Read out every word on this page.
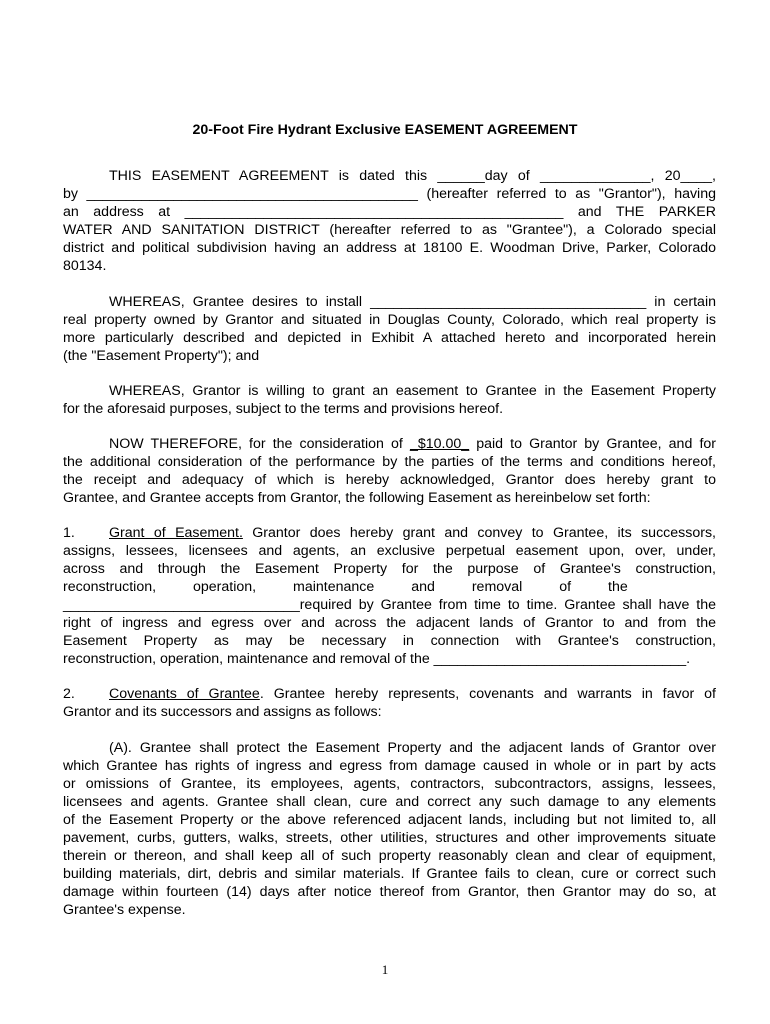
20-Foot Fire Hydrant Exclusive EASEMENT AGREEMENT
THIS EASEMENT AGREEMENT is dated this ______day of ______________, 20____,
by __________________________________________ (hereafter referred to as "Grantor"), having
an address at ________________________________________________ and THE PARKER
WATER AND SANITATION DISTRICT (hereafter referred to as "Grantee"), a Colorado special
district and political subdivision having an address at 18100 E. Woodman Drive, Parker, Colorado
80134.
WHEREAS, Grantee desires to install ___________________________________ in certain
real property owned by Grantor and situated in Douglas County, Colorado, which real property is
more particularly described and depicted in Exhibit A attached hereto and incorporated herein
(the "Easement Property"); and
WHEREAS, Grantor is willing to grant an easement to Grantee in the Easement Property
for the aforesaid purposes, subject to the terms and provisions hereof.
NOW THEREFORE, for the consideration of _$10.00_ paid to Grantor by Grantee, and for
the additional consideration of the performance by the parties of the terms and conditions hereof,
the receipt and adequacy of which is hereby acknowledged, Grantor does hereby grant to
Grantee, and Grantee accepts from Grantor, the following Easement as hereinbelow set forth:
1. Grant of Easement. Grantor does hereby grant and convey to Grantee, its successors,
assigns, lessees, licensees and agents, an exclusive perpetual easement upon, over, under,
across and through the Easement Property for the purpose of Grantee's construction,
reconstruction, operation, maintenance and removal of the
______________________________required by Grantee from time to time. Grantee shall have the
right of ingress and egress over and across the adjacent lands of Grantor to and from the
Easement Property as may be necessary in connection with Grantee's construction,
reconstruction, operation, maintenance and removal of the ________________________________.
2. Covenants of Grantee. Grantee hereby represents, covenants and warrants in favor of
Grantor and its successors and assigns as follows:
(A). Grantee shall protect the Easement Property and the adjacent lands of Grantor over
which Grantee has rights of ingress and egress from damage caused in whole or in part by acts
or omissions of Grantee, its employees, agents, contractors, subcontractors, assigns, lessees,
licensees and agents. Grantee shall clean, cure and correct any such damage to any elements
of the Easement Property or the above referenced adjacent lands, including but not limited to, all
pavement, curbs, gutters, walks, streets, other utilities, structures and other improvements situate
therein or thereon, and shall keep all of such property reasonably clean and clear of equipment,
building materials, dirt, debris and similar materials. If Grantee fails to clean, cure or correct such
damage within fourteen (14) days after notice thereof from Grantor, then Grantor may do so, at
Grantee's expense.
1
